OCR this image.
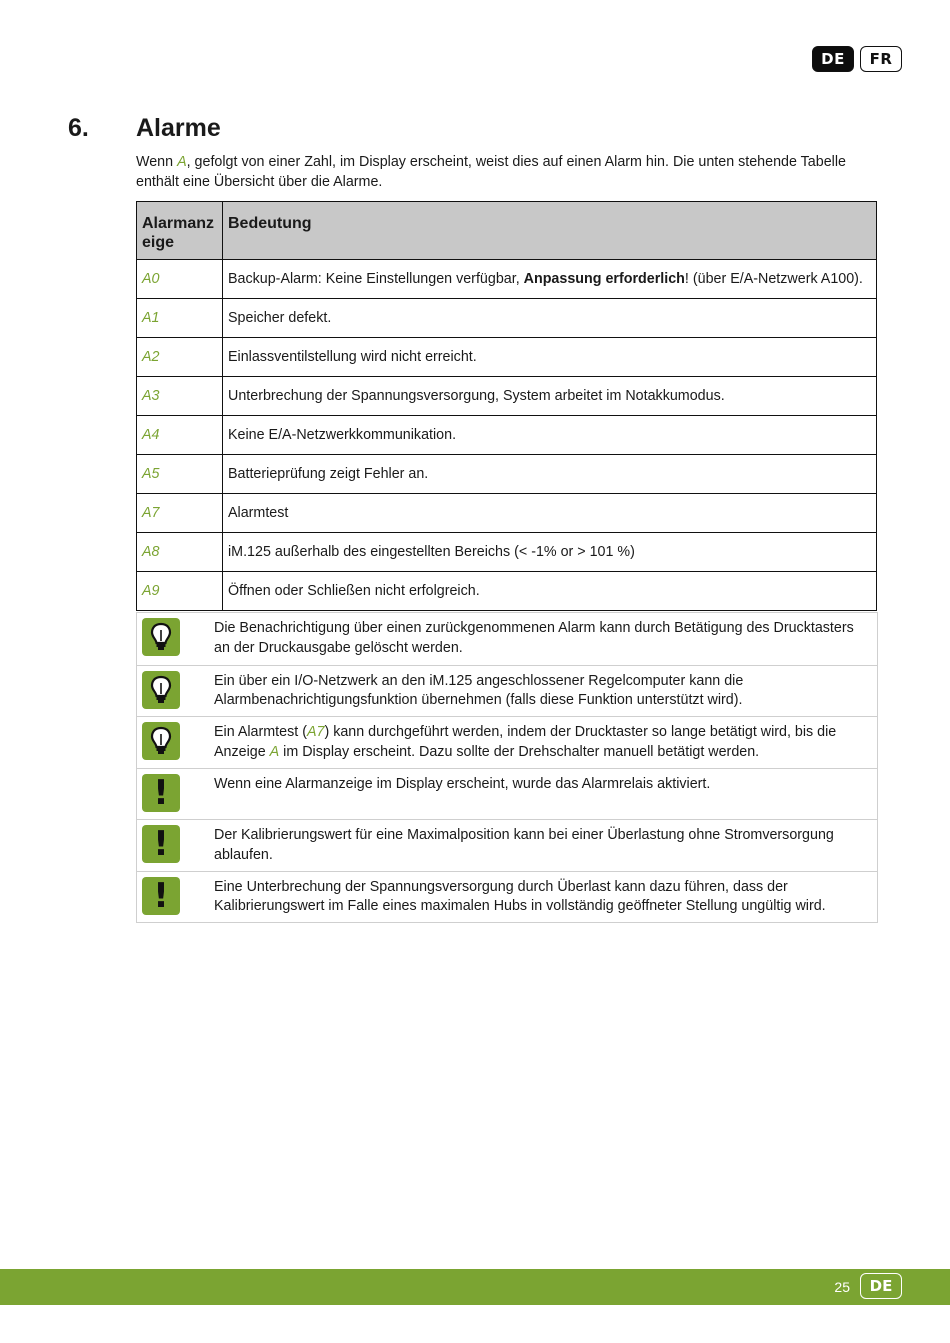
DE	FR
6.	Alarme

Wenn A, gefolgt von einer Zahl, im Display erscheint, weist dies auf einen Alarm hin. Die unten stehende Tabelle enthält eine Übersicht über die Alarme.

Alarmanz eige	Bedeutung
A0	Backup-Alarm: Keine Einstellungen verfügbar, Anpassung erforderlich! (über E/A-Netzwerk A100).
A1	Speicher defekt.
A2	Einlassventilstellung wird nicht erreicht.
A3	Unterbrechung der Spannungsversorgung, System arbeitet im Notakkumodus.
A4	Keine E/A-Netzwerkkommunikation.
A5	Batterieprüfung zeigt Fehler an.
A7	Alarmtest
A8	iM.125 außerhalb des eingestellten Bereichs (< -1% or > 101 %)
A9	Öffnen oder Schließen nicht erfolgreich.
Die Benachrichtigung über einen zurückgenommenen Alarm kann durch Betätigung des Drucktasters an der Druckausgabe gelöscht werden.
Ein über ein I/O-Netzwerk an den iM.125 angeschlossener Regelcomputer kann die Alarmbenachrichtigungsfunktion übernehmen (falls diese Funktion unterstützt wird).
Ein Alarmtest (A7) kann durchgeführt werden, indem der Drucktaster so lange betätigt wird, bis die Anzeige A im Display erscheint. Dazu sollte der Drehschalter manuell betätigt werden.
!	Wenn eine Alarmanzeige im Display erscheint, wurde das Alarmrelais aktiviert.
!	Der Kalibrierungswert für eine Maximalposition kann bei einer Überlastung ohne Stromversorgung ablaufen.
!	Eine Unterbrechung der Spannungsversorgung durch Überlast kann dazu führen, dass der Kalibrierungswert im Falle eines maximalen Hubs in vollständig geöffneter Stellung ungültig wird.
25	DE
